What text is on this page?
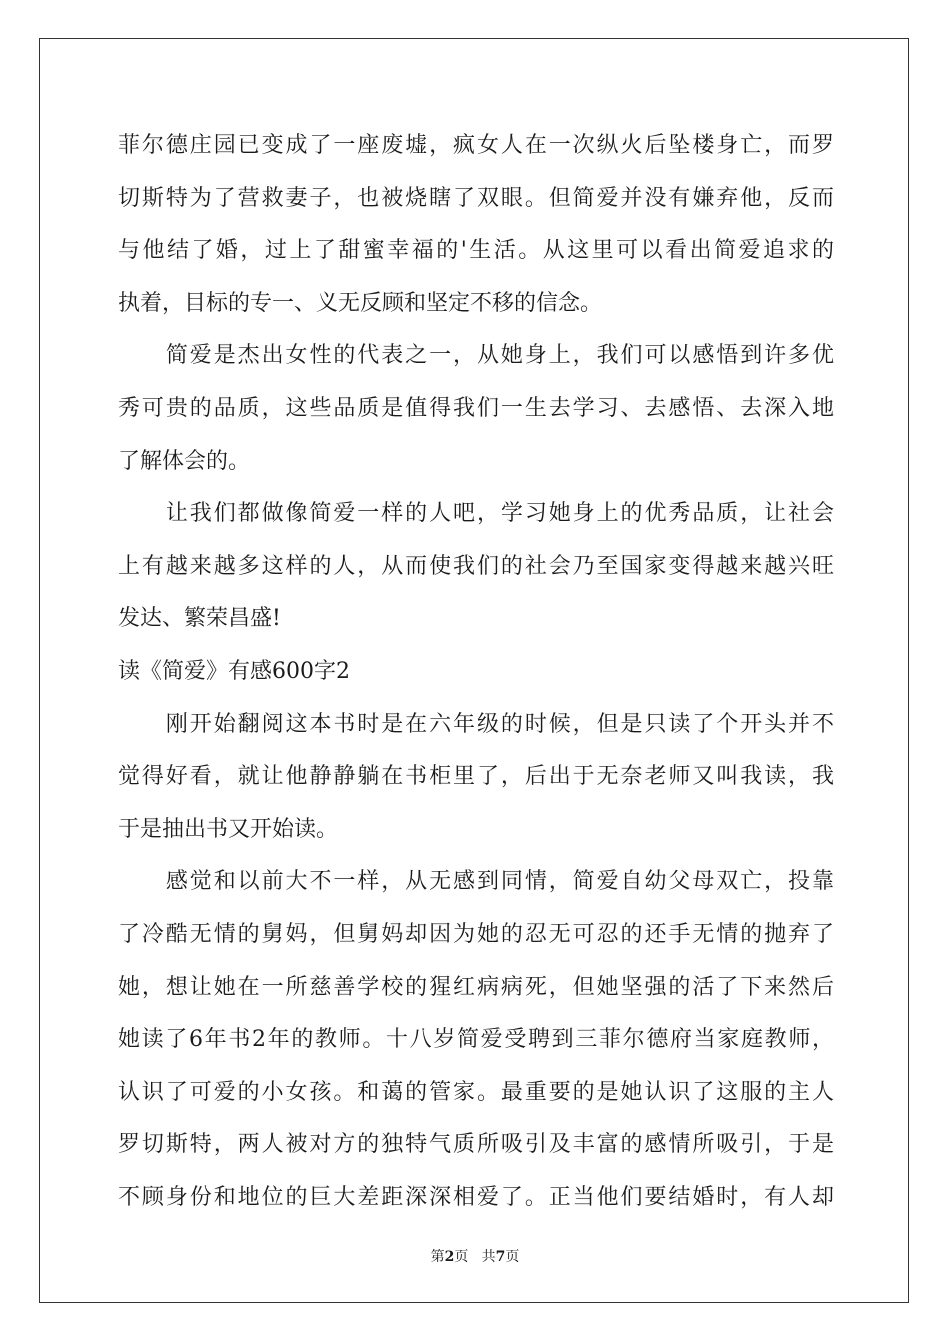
菲尔德庄园已变成了一座废墟，疯女人在一次纵火后坠楼身亡，而罗
切斯特为了营救妻子，也被烧瞎了双眼。但简爱并没有嫌弃他，反而
与他结了婚，过上了甜蜜幸福的'生活。从这里可以看出简爱追求的
执着，目标的专一、义无反顾和坚定不移的信念。
　　简爱是杰出女性的代表之一，从她身上，我们可以感悟到许多优
秀可贵的品质，这些品质是值得我们一生去学习、去感悟、去深入地
了解体会的。
　　让我们都做像简爱一样的人吧，学习她身上的优秀品质，让社会
上有越来越多这样的人，从而使我们的社会乃至国家变得越来越兴旺
发达、繁荣昌盛!
读《简爱》有感600字2
　　刚开始翻阅这本书时是在六年级的时候，但是只读了个开头并不
觉得好看，就让他静静躺在书柜里了，后出于无奈老师又叫我读，我
于是抽出书又开始读。
　　感觉和以前大不一样，从无感到同情，简爱自幼父母双亡，投靠
了冷酷无情的舅妈，但舅妈却因为她的忍无可忍的还手无情的抛弃了
她，想让她在一所慈善学校的猩红病病死，但她坚强的活了下来然后
她读了6年书2年的教师。十八岁简爱受聘到三菲尔德府当家庭教师，
认识了可爱的小女孩。和蔼的管家。最重要的是她认识了这服的主人
罗切斯特，两人被对方的独特气质所吸引及丰富的感情所吸引，于是
不顾身份和地位的巨大差距深深相爱了。正当他们要结婚时，有人却
第2页 共7页
